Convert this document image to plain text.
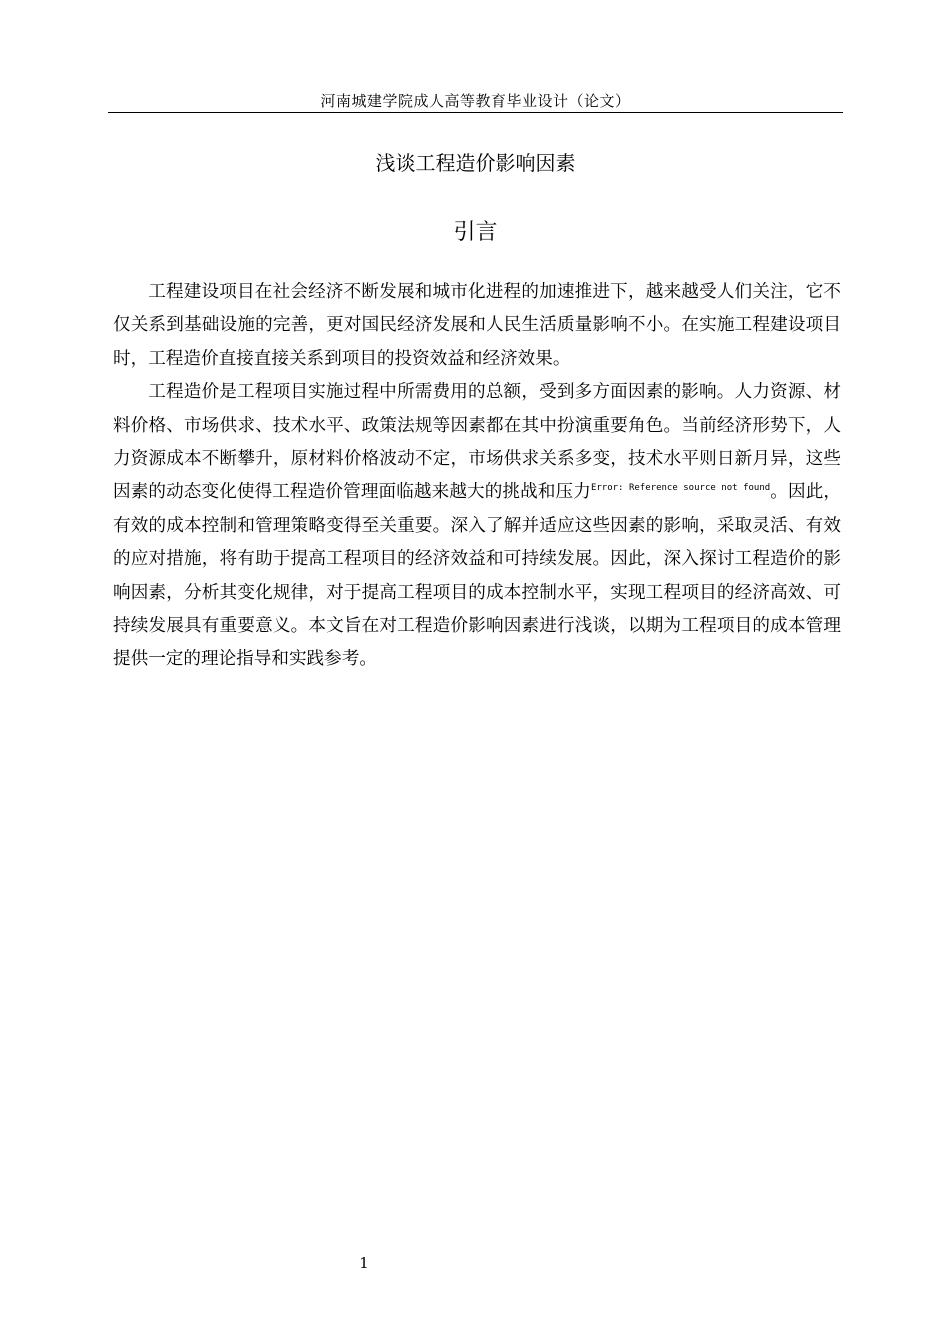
河南城建学院成人高等教育毕业设计（论文）
浅谈工程造价影响因素
引言

工程建设项目在社会经济不断发展和城市化进程的加速推进下，越来越受人们关注，它不仅关系到基础设施的完善，更对国民经济发展和人民生活质量影响不小。在实施工程建设项目时，工程造价直接直接关系到项目的投资效益和经济效果。

工程造价是工程项目实施过程中所需费用的总额，受到多方面因素的影响。人力资源、材料价格、市场供求、技术水平、政策法规等因素都在其中扮演重要角色。当前经济形势下，人力资源成本不断攀升，原材料价格波动不定，市场供求关系多变，技术水平则日新月异，这些因素的动态变化使得工程造价管理面临越来越大的挑战和压力$^{Error: Reference source not found}$。因此，有效的成本控制和管理策略变得至关重要。深入了解并适应这些因素的影响，采取灵活、有效的应对措施，将有助于提高工程项目的经济效益和可持续发展。因此，深入探讨工程造价的影响因素，分析其变化规律，对于提高工程项目的成本控制水平，实现工程项目的经济高效、可持续发展具有重要意义。本文旨在对工程造价影响因素进行浅谈，以期为工程项目的成本管理提供一定的理论指导和实践参考。

1
